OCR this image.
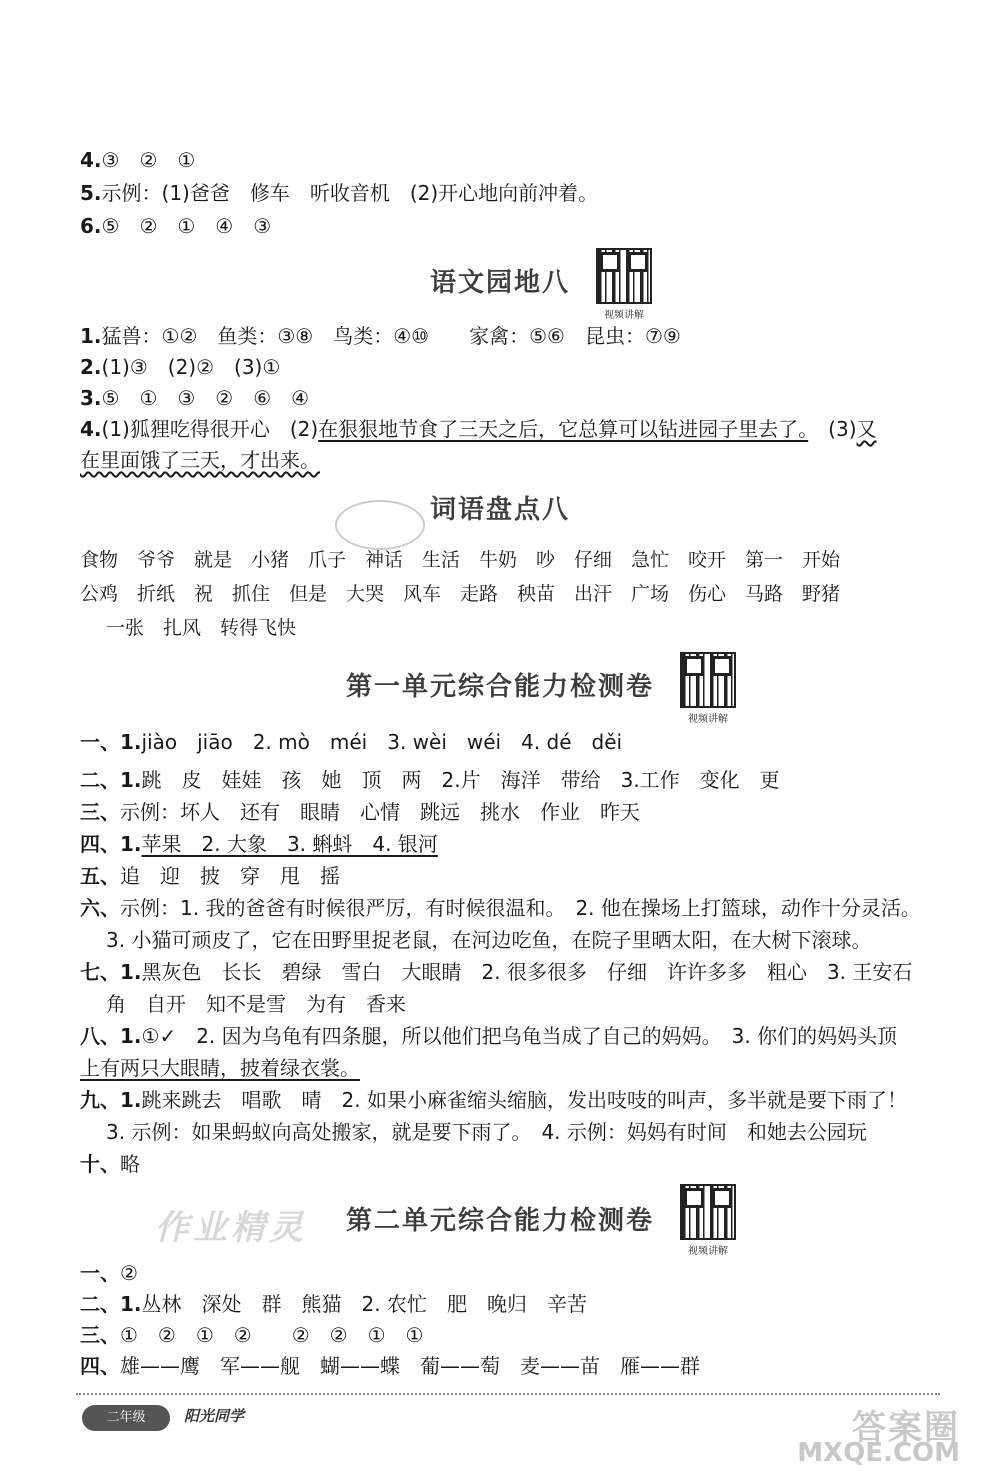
4.③　②　①
5.示例：(1)爸爸　修车　听收音机　(2)开心地向前冲着。
6.⑤　②　①　④　③
语文园地八
视频讲解
1.猛兽：①②　鱼类：③⑧　鸟类：④⑩　　家禽：⑤⑥　昆虫：⑦⑨
2.(1)③　(2)②　(3)①
3.⑤　①　③　②　⑥　④
4.(1)狐狸吃得很开心　(2)在狠狠地节食了三天之后，它总算可以钻进园子里去了。　(3)又
在里面饿了三天，才出来。
词语盘点八
食物　爷爷　就是　小猪　爪子　神话　生活　牛奶　吵　仔细　急忙　咬开　第一　开始
公鸡　折纸　祝　抓住　但是　大哭　风车　走路　秧苗　出汗　广场　伤心　马路　野猪
一张　扎风　转得飞快
第一单元综合能力检测卷
视频讲解
一、1.jiào　jiāo　2. mò　méi　3. wèi　wéi　4. dé　děi
二、1.跳　皮　娃娃　孩　她　顶　两　2.片　海洋　带给　3.工作　变化　更
三、示例：坏人　还有　眼睛　心情　跳远　挑水　作业　昨天
四、1.苹果　2. 大象　3. 蝌蚪　4. 银河
五、追　迎　披　穿　甩　摇
六、示例：1. 我的爸爸有时候很严厉，有时候很温和。　2. 他在操场上打篮球，动作十分灵活。
3. 小猫可顽皮了，它在田野里捉老鼠，在河边吃鱼，在院子里晒太阳，在大树下滚球。
七、1.黑灰色　长长　碧绿　雪白　大眼睛　2. 很多很多　仔细　许许多多　粗心　3. 王安石
角　自开　知不是雪　为有　香来
八、1.①✓　2. 因为乌龟有四条腿，所以他们把乌龟当成了自己的妈妈。　3. 你们的妈妈头顶
上有两只大眼睛，披着绿衣裳。
九、1.跳来跳去　唱歌　晴　2. 如果小麻雀缩头缩脑，发出吱吱的叫声，多半就是要下雨了！
3. 示例：如果蚂蚁向高处搬家，就是要下雨了。　4. 示例：妈妈有时间　和她去公园玩
十、略
作业精灵	第二单元综合能力检测卷
视频讲解
一、②
二、1.丛林　深处　群　熊猫　2. 农忙　肥　晚归　辛苦
三、①　②　①　②　　②　②　①　①
四、雄——鹰　军——舰　蝴——蝶　葡——萄　麦——苗　雁——群
二年级	阳光同学	答案圈
MXQE.COM
